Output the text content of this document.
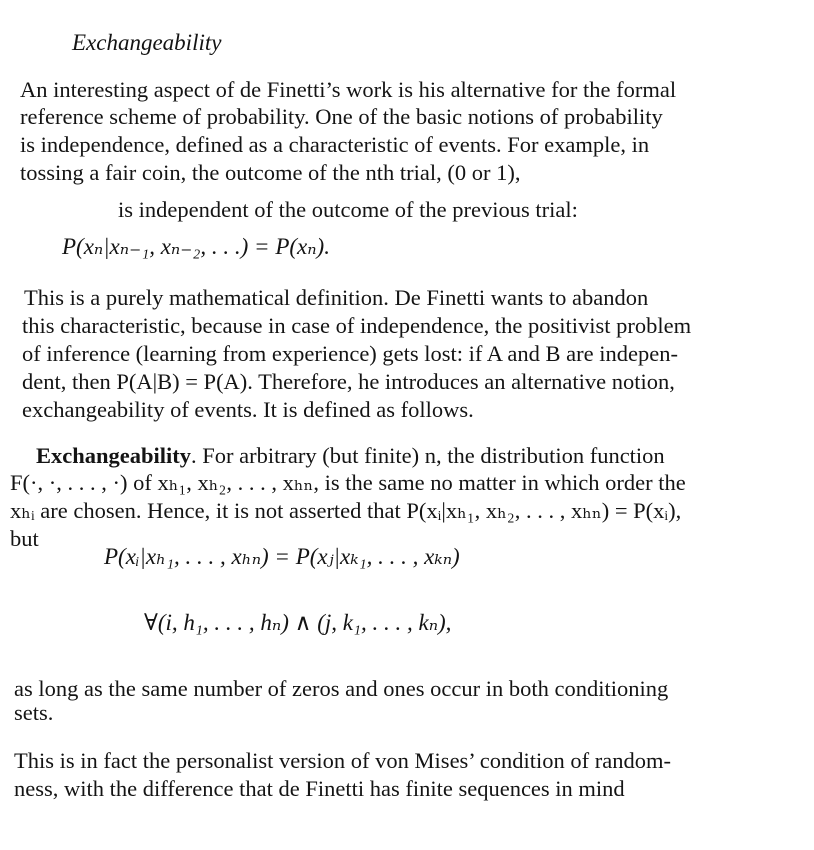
Exchangeability
An interesting aspect of de Finetti’s work is his alternative for the formal
reference scheme of probability. One of the basic notions of probability
is independence, defined as a characteristic of events. For example, in
tossing a fair coin, the outcome of the nth trial, (0 or 1),
is independent of the outcome of the previous trial:
P(xₙ|xₙ₋₁, xₙ₋₂, . . .) = P(xₙ).
This is a purely mathematical definition. De Finetti wants to abandon
this characteristic, because in case of independence, the positivist problem
of inference (learning from experience) gets lost: if A and B are indepen-
dent, then P(A|B) = P(A). Therefore, he introduces an alternative notion,
exchangeability of events. It is defined as follows.
Exchangeability. For arbitrary (but finite) n, the distribution function
F(·, ·, . . . , ·) of xₕ₁, xₕ₂, . . . , xₕₙ, is the same no matter in which order the
xₕᵢ are chosen. Hence, it is not asserted that P(xᵢ|xₕ₁, xₕ₂, . . . , xₕₙ) = P(xᵢ),
but
P(xᵢ|xₕ₁, . . . , xₕₙ) = P(xⱼ|xₖ₁, . . . , xₖₙ)
∀(i, h₁, . . . , hₙ) ∧ (j, k₁, . . . , kₙ),
as long as the same number of zeros and ones occur in both conditioning
sets.
This is in fact the personalist version of von Mises’ condition of random-
ness, with the difference that de Finetti has finite sequences in mind
